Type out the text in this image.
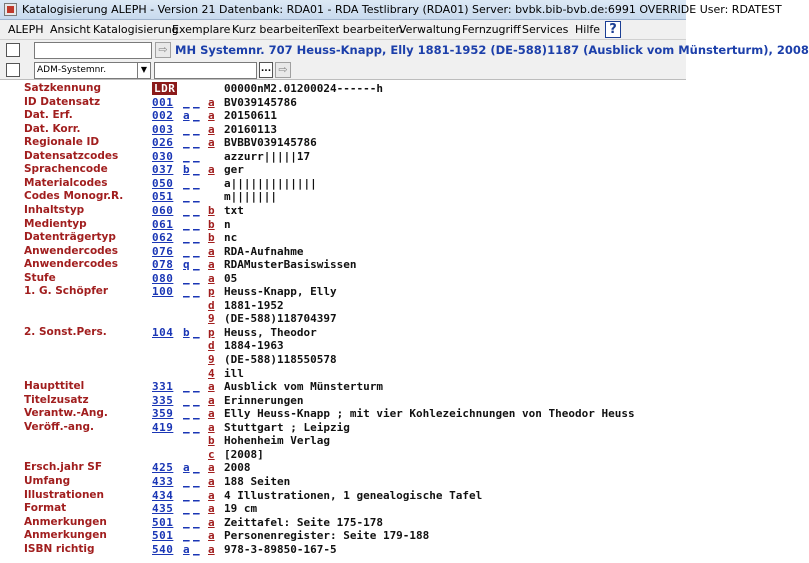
Katalogisierung ALEPH - Version 21 Datenbank: RDA01 - RDA Testlibrary (RDA01) Server: bvbk.bib-bvb.de:6991 OVERRIDE User: RDATEST
ALEPH Ansicht Katalogisierung
Exemplare Kurz bearbeiten
Text bearbeiten
Verwaltung Fernzugriff Services Hilfe ?
⇨ MH Systemnr. 707 Heuss-Knapp, Elly 1881-1952 (DE-588)1187 (Ausblick vom Münsterturm), 2008
ADM-Systemnr.	▼	... ⇨
Satzkennung	LDR	00000nM2.01200024------h
ID Datensatz	001 _ _ a BV039145786
Dat. Erf.	002 a _ a 20150611
Dat. Korr.	003 _ _ a 20160113
Regionale ID	026 _ _ a BVBBV039145786
Datensatzcodes	030 _ _ azzurr|||||17
Sprachencode	037 b _ a ger
Materialcodes	050 _ _ a|||||||||||||
Codes Monogr.R.	051 _ _ m|||||||
Inhaltstyp	060 _ _ b txt
Medientyp	061 _ _ b n
Datenträgertyp	062 _ _ b nc
Anwendercodes	076 _ _ a RDA-Aufnahme
Anwendercodes	078 q _ a RDAMusterBasiswissen
Stufe	080 _ _ a 05
1. G. Schöpfer	100 _ _ p Heuss-Knapp, Elly
d 1881-1952
9 (DE-588)118704397
2. Sonst.Pers.	104 b _ p Heuss, Theodor
d 1884-1963
9 (DE-588)118550578
4 ill
Haupttitel	331 _ _ a Ausblick vom Münsterturm
Titelzusatz	335 _ _ a Erinnerungen
Verantw.-Ang.	359 _ _ a Elly Heuss-Knapp ; mit vier Kohlezeichnungen von Theodor Heuss
Veröff.-ang.	419 _ _ a Stuttgart ; Leipzig
b Hohenheim Verlag
c [2008]
Ersch.jahr SF	425 a _ a 2008
Umfang	433 _ _ a 188 Seiten
Illustrationen	434 _ _ a 4 Illustrationen, 1 genealogische Tafel
Format	435 _ _ a 19 cm
Anmerkungen	501 _ _ a Zeittafel: Seite 175-178
Anmerkungen	501 _ _ a Personenregister: Seite 179-188
ISBN richtig	540 a _ a 978-3-89850-167-5
